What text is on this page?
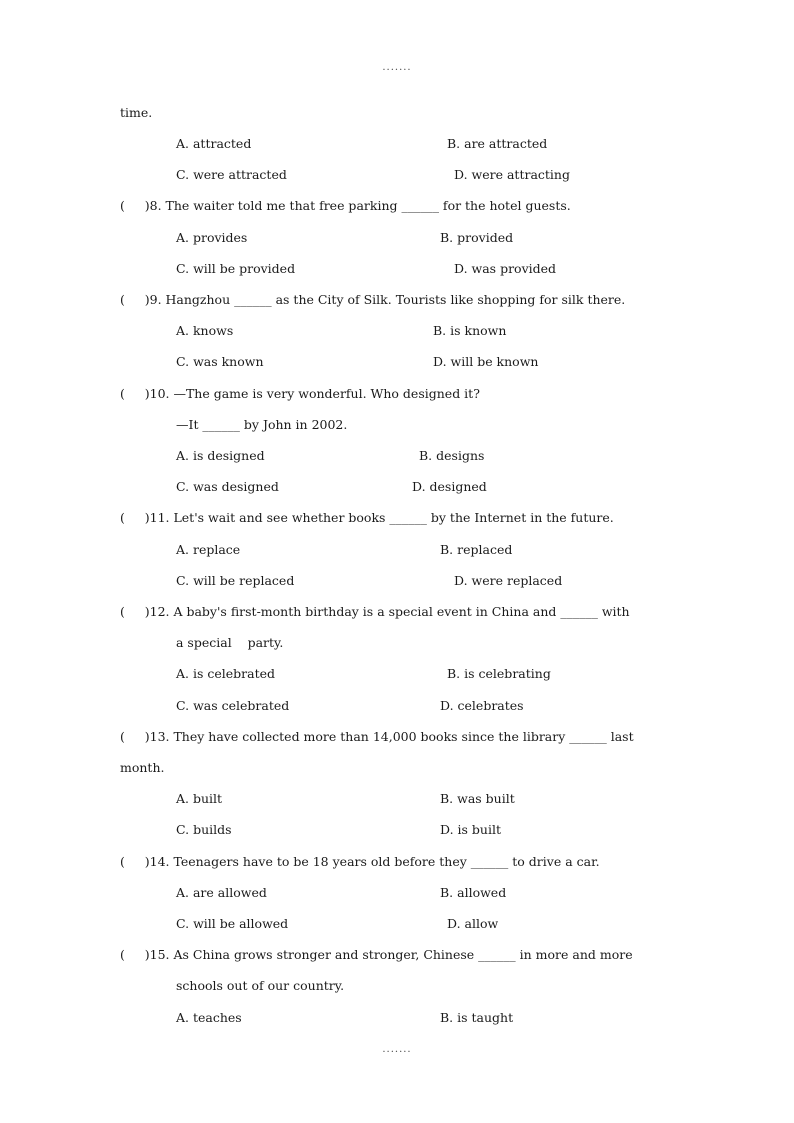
.......
time.
A. attracted	B. are attracted
C. were attracted	D. were attracting
(     )8. The waiter told me that free parking ______ for the hotel guests.
A. provides	B. provided
C. will be provided	D. was provided
(     )9. Hangzhou ______ as the City of Silk. Tourists like shopping for silk there.
A. knows	B. is known
C. was known	D. will be known
(     )10. —The game is very wonderful. Who designed it?
—It ______ by John in 2002.
A. is designed	B. designs
C. was designed	D. designed
(     )11. Let's wait and see whether books ______ by the Internet in the future.
A. replace	B. replaced
C. will be replaced	D. were replaced
(     )12. A baby's first-month birthday is a special event in China and ______ with
a special    party.
A. is celebrated	B. is celebrating
C. was celebrated	D. celebrates
(     )13. They have collected more than 14,000 books since the library ______ last
month.
A. built	B. was built
C. builds	D. is built
(     )14. Teenagers have to be 18 years old before they ______ to drive a car.
A. are allowed	B. allowed
C. will be allowed	D. allow
(     )15. As China grows stronger and stronger, Chinese ______ in more and more
schools out of our country.
A. teaches	B. is taught
.......
